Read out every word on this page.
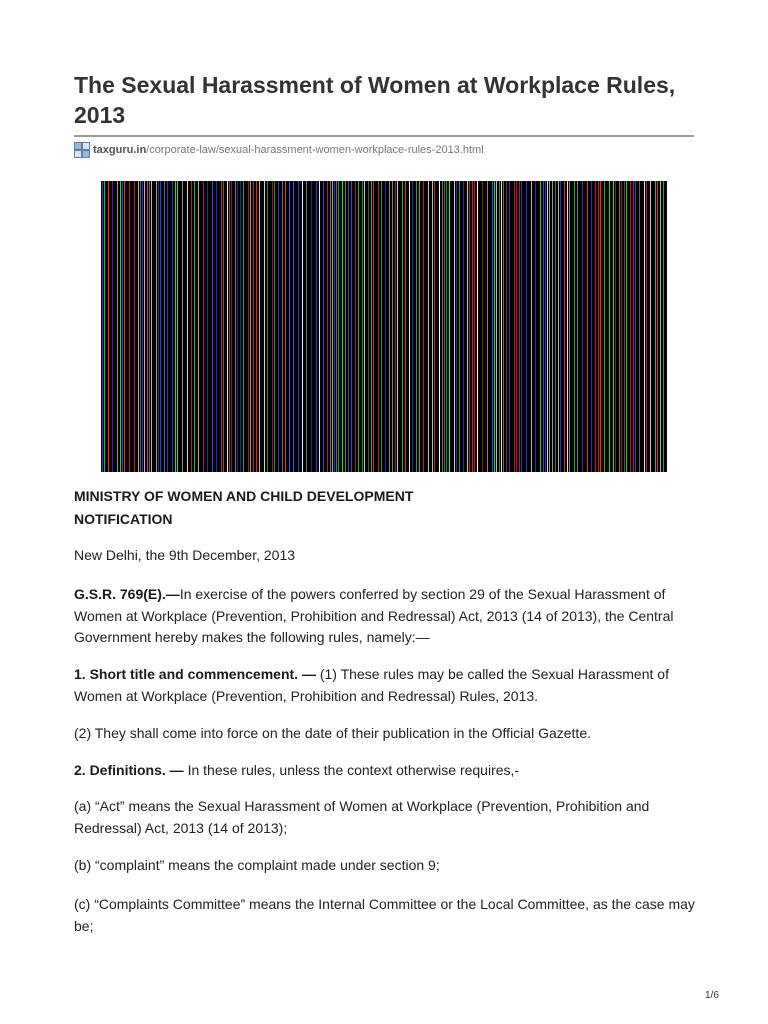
The Sexual Harassment of Women at Workplace Rules, 2013
taxguru.in /corporate-law/sexual-harassment-women-workplace-rules-2013.html
MINISTRY OF WOMEN AND CHILD DEVELOPMENT
NOTIFICATION

New Delhi, the 9th December, 2013

G.S.R. 769(E).—In exercise of the powers conferred by section 29 of the Sexual Harassment of Women at Workplace (Prevention, Prohibition and Redressal) Act, 2013 (14 of 2013), the Central Government hereby makes the following rules, namely:—

1. Short title and commencement. — (1) These rules may be called the Sexual Harassment of Women at Workplace (Prevention, Prohibition and Redressal) Rules, 2013.

(2) They shall come into force on the date of their publication in the Official Gazette.

2. Definitions. — In these rules, unless the context otherwise requires,-

(a) “Act” means the Sexual Harassment of Women at Workplace (Prevention, Prohibition and Redressal) Act, 2013 (14 of 2013);

(b) “complaint” means the complaint made under section 9;

(c) “Complaints Committee” means the Internal Committee or the Local Committee, as the case may be;

1/6
